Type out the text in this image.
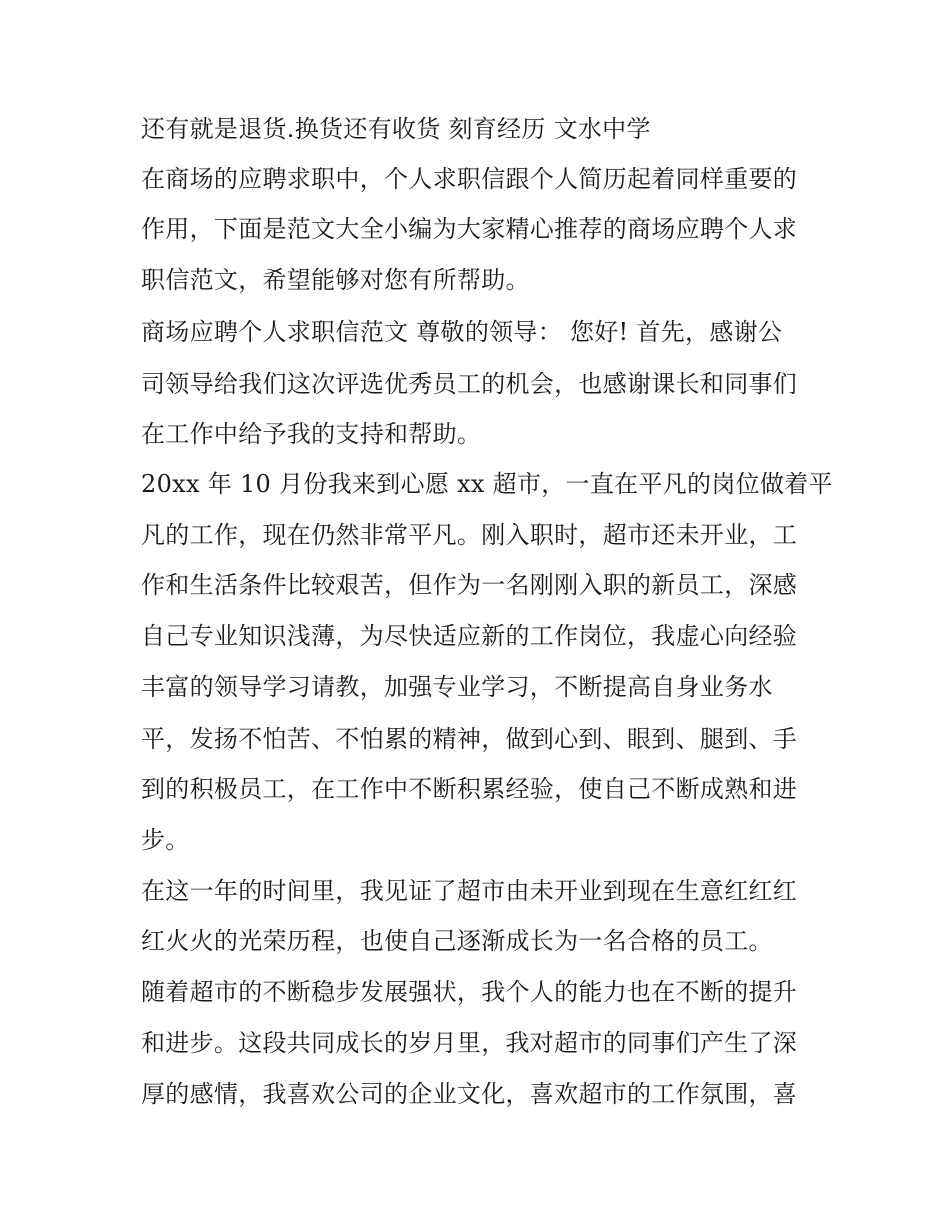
还有就是退货.换货还有收货 刻育经历 文水中学
在商场的应聘求职中，个人求职信跟个人简历起着同样重要的
作用，下面是范文大全小编为大家精心推荐的商场应聘个人求
职信范文，希望能够对您有所帮助。
商场应聘个人求职信范文 尊敬的领导： 您好! 首先，感谢公
司领导给我们这次评选优秀员工的机会，也感谢课长和同事们
在工作中给予我的支持和帮助。
20xx 年 10 月份我来到心愿 xx 超市，一直在平凡的岗位做着平
凡的工作，现在仍然非常平凡。刚入职时，超市还未开业，工
作和生活条件比较艰苦，但作为一名刚刚入职的新员工，深感
自己专业知识浅薄，为尽快适应新的工作岗位，我虚心向经验
丰富的领导学习请教，加强专业学习，不断提高自身业务水
平，发扬不怕苦、不怕累的精神，做到心到、眼到、腿到、手
到的积极员工，在工作中不断积累经验，使自己不断成熟和进
步。
在这一年的时间里，我见证了超市由未开业到现在生意红红红
红火火的光荣历程，也使自己逐渐成长为一名合格的员工。
随着超市的不断稳步发展强状，我个人的能力也在不断的提升
和进步。这段共同成长的岁月里，我对超市的同事们产生了深
厚的感情，我喜欢公司的企业文化，喜欢超市的工作氛围，喜
